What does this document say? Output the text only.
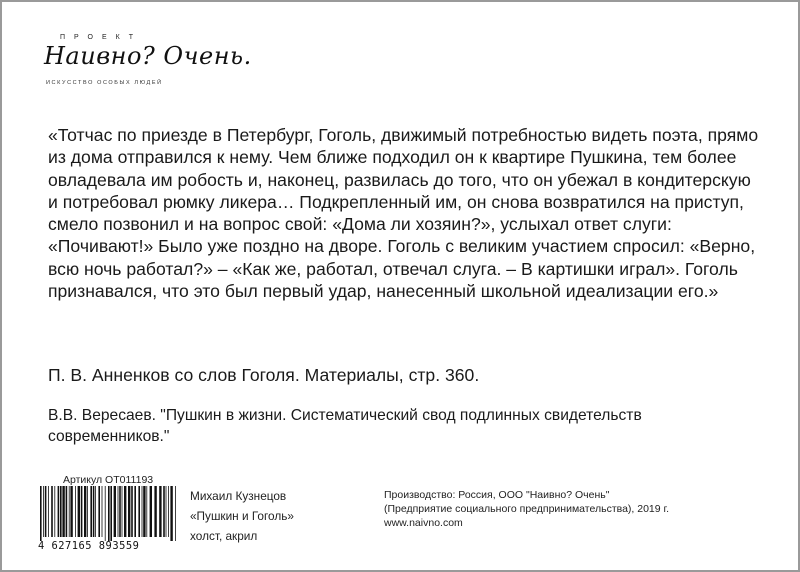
ПРОЕКТ
Наивно? Очень.
ИСКУССТВО ОСОБЫХ ЛЮДЕЙ

«Тотчас по приезде в Петербург, Гоголь, движимый потребностью видеть поэта, прямо из дома отправился к нему. Чем ближе подходил он к квартире Пушкина, тем более овладевала им робость и, наконец, развилась до того, что он убежал в кондитерскую и потребовал рюмку ликера… Подкрепленный им, он снова возвратился на приступ, смело позвонил и на вопрос свой: «Дома ли хозяин?», услыхал ответ слуги: «Почивают!» Было уже поздно на дворе. Гоголь с великим участием спросил: «Верно, всю ночь работал?» – «Как же, работал, отвечал слуга. – В картишки играл». Гоголь признавался, что это был первый удар, нанесенный школьной идеализации его.»

П. В. Анненков со слов Гоголя. Материалы, стр. 360.

В.В. Вересаев. "Пушкин в жизни. Систематический свод подлинных свидетельств современников."

Артикул OT011193
4 627165 893559
Михаил Кузнецов
«Пушкин и Гоголь»
холст, акрил
Производство: Россия, ООО "Наивно? Очень"
(Предприятие социального предпринимательства), 2019 г.
www.naivno.com
